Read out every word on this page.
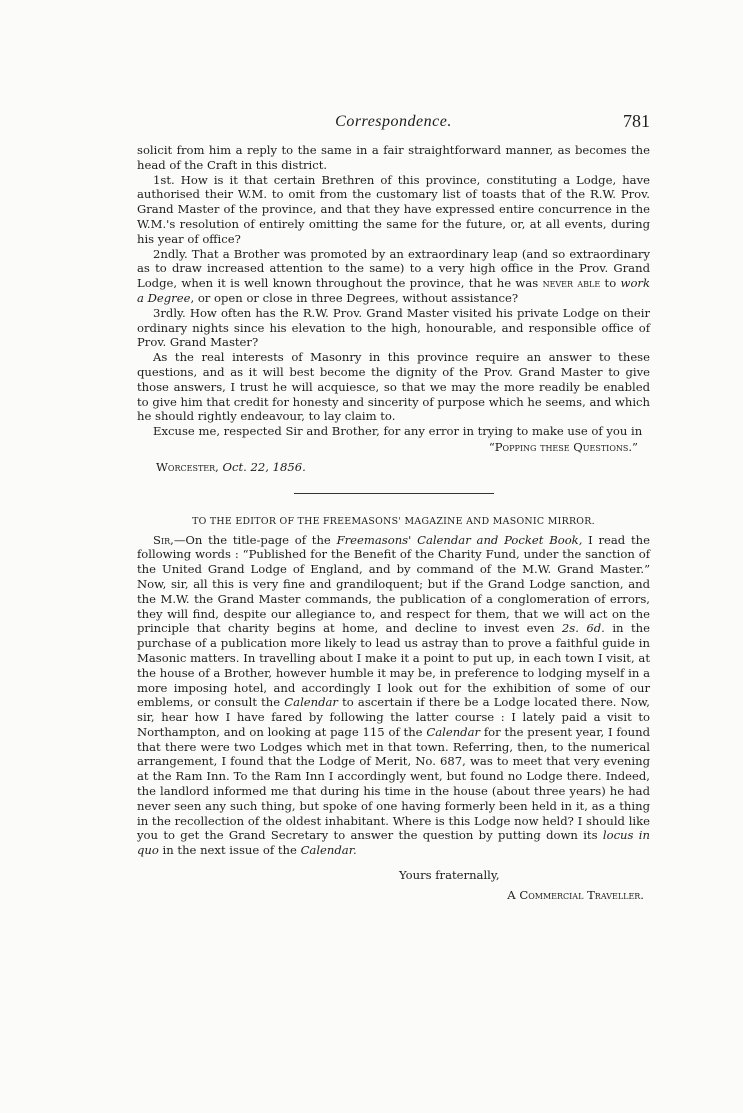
Correspondence.	781

solicit from him a reply to the same in a fair straightforward manner, as becomes the head of the Craft in this district.

1st. How is it that certain Brethren of this province, constituting a Lodge, have authorised their W.M. to omit from the customary list of toasts that of the R.W. Prov. Grand Master of the province, and that they have expressed entire concurrence in the W.M.'s resolution of entirely omitting the same for the future, or, at all events, during his year of office?

2ndly. That a Brother was promoted by an extraordinary leap (and so extraordinary as to draw increased attention to the same) to a very high office in the Prov. Grand Lodge, when it is well known throughout the province, that he was never able to work a Degree, or open or close in three Degrees, without assistance?

3rdly. How often has the R.W. Prov. Grand Master visited his private Lodge on their ordinary nights since his elevation to the high, honourable, and responsible office of Prov. Grand Master?

As the real interests of Masonry in this province require an answer to these questions, and as it will best become the dignity of the Prov. Grand Master to give those answers, I trust he will acquiesce, so that we may the more readily be enabled to give him that credit for honesty and sincerity of purpose which he seems, and which he should rightly endeavour, to lay claim to.

Excuse me, respected Sir and Brother, for any error in trying to make use of you in

“Popping these Questions.”

Worcester, Oct. 22, 1856.

TO THE EDITOR OF THE FREEMASONS' MAGAZINE AND MASONIC MIRROR.

Sir,—On the title-page of the Freemasons' Calendar and Pocket Book, I read the following words : “Published for the Benefit of the Charity Fund, under the sanction of the United Grand Lodge of England, and by command of the M.W. Grand Master.” Now, sir, all this is very fine and grandiloquent; but if the Grand Lodge sanction, and the M.W. the Grand Master commands, the publication of a conglomeration of errors, they will find, despite our allegiance to, and respect for them, that we will act on the principle that charity begins at home, and decline to invest even 2s. 6d. in the purchase of a publication more likely to lead us astray than to prove a faithful guide in Masonic matters. In travelling about I make it a point to put up, in each town I visit, at the house of a Brother, however humble it may be, in preference to lodging myself in a more imposing hotel, and accordingly I look out for the exhibition of some of our emblems, or consult the Calendar to ascertain if there be a Lodge located there. Now, sir, hear how I have fared by following the latter course : I lately paid a visit to Northampton, and on looking at page 115 of the Calendar for the present year, I found that there were two Lodges which met in that town. Referring, then, to the numerical arrangement, I found that the Lodge of Merit, No. 687, was to meet that very evening at the Ram Inn. To the Ram Inn I accordingly went, but found no Lodge there. Indeed, the landlord informed me that during his time in the house (about three years) he had never seen any such thing, but spoke of one having formerly been held in it, as a thing in the recollection of the oldest inhabitant. Where is this Lodge now held? I should like you to get the Grand Secretary to answer the question by putting down its locus in quo in the next issue of the Calendar.

Yours fraternally,

A Commercial Traveller.
